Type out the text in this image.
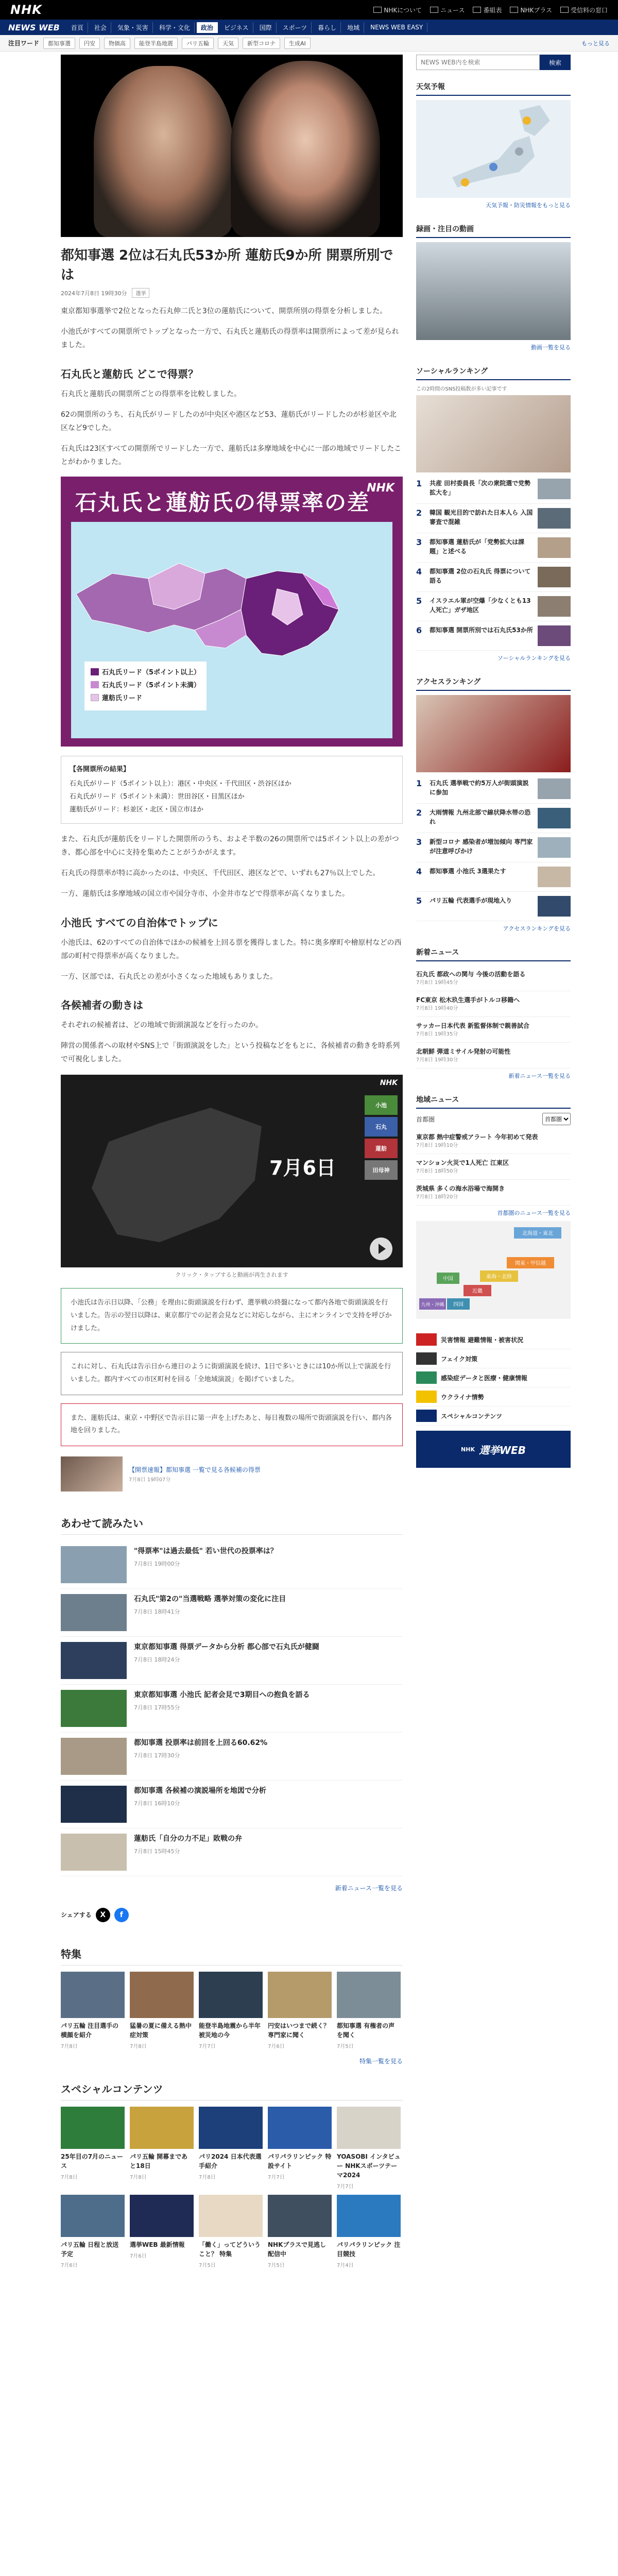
NHK	NHKについて	ニュース	番組表	NHKプラス	受信料の窓口
NEWS WEB	首頁	社会	気象・災害	科学・文化	政治	ビジネス	国際	スポーツ	暮らし	地域	NEWS WEB EASY
注目ワード	都知事選	円安	物価高	能登半島地震	パリ五輪	天気	新型コロナ	生成AI	もっと見る
都知事選 2位は石丸氏53か所 蓮舫氏9か所 開票所別では
2024年7月8日 19時30分	選挙

東京都知事選挙で2位となった石丸伸二氏と3位の蓮舫氏について、開票所別の得票を分析しました。

小池氏がすべての開票所でトップとなった一方で、石丸氏と蓮舫氏の得票率は開票所によって差が見られました。

石丸氏と蓮舫氏 どこで得票？

石丸氏と蓮舫氏の開票所ごとの得票率を比較しました。

62の開票所のうち、石丸氏がリードしたのが中央区や港区など53、蓮舫氏がリードしたのが杉並区や北区など9でした。

石丸氏は23区すべての開票所でリードした一方で、蓮舫氏は多摩地域を中心に一部の地域でリードしたことがわかりました。

石丸氏と蓮舫氏の得票率の差
NHK
石丸氏リード（5ポイント以上）
石丸氏リード（5ポイント未満）
蓮舫氏リード
【各開票所の結果】
石丸氏がリード（5ポイント以上）：港区・中央区・千代田区・渋谷区ほか
石丸氏がリード（5ポイント未満）：世田谷区・目黒区ほか
蓮舫氏がリード：杉並区・北区・国立市ほか

また、石丸氏が蓮舫氏をリードした開票所のうち、およそ半数の26の開票所では5ポイント以上の差がつき、都心部を中心に支持を集めたことがうかがえます。

石丸氏の得票率が特に高かったのは、中央区、千代田区、港区などで、いずれも27％以上でした。

一方、蓮舫氏は多摩地域の国立市や国分寺市、小金井市などで得票率が高くなりました。

小池氏 すべての自治体でトップに

小池氏は、62のすべての自治体でほかの候補を上回る票を獲得しました。特に奥多摩町や檜原村などの西部の町村で得票率が高くなりました。

一方、区部では、石丸氏との差が小さくなった地域もありました。

各候補者の動きは

それぞれの候補者は、どの地域で街頭演説などを行ったのか。

陣営の関係者への取材やSNS上で「街頭演説をした」という投稿などをもとに、各候補者の動きを時系列で可視化しました。

7月6日
NHK
小池
石丸
蓮舫
田母神
クリック・タップすると動画が再生されます
小池氏は告示日以降、「公務」を理由に街頭演説を行わず、選挙戦の終盤になって都内各地で街頭演説を行いました。告示の翌日以降は、東京都庁での記者会見などに対応しながら、主にオンラインで支持を呼びかけました。
これに対し、石丸氏は告示日から連日のように街頭演説を続け、1日で多いときには10か所以上で演説を行いました。都内すべての市区町村を回る「全地域演説」を掲げていました。
また、蓮舫氏は、東京・中野区で告示日に第一声を上げたあと、毎日複数の場所で街頭演説を行い、都内各地を回りました。
【開票速報】都知事選 一覧で見る各候補の得票
7月8日 19時07分
あわせて読みたい
"得票率"は過去最低" 若い世代の投票率は？
7月8日 19時00分
石丸氏"第2の"当選戦略 選挙対策の変化に注目
7月8日 18時41分
東京都知事選 得票データから分析 都心部で石丸氏が健闘
7月8日 18時24分
東京都知事選 小池氏 記者会見で3期目への抱負を語る
7月8日 17時55分
都知事選 投票率は前回を上回る60.62%
7月8日 17時30分
都知事選 各候補の演説場所を地図で分析
7月8日 16時10分
蓮舫氏「自分の力不足」敗戦の弁
7月8日 15時45分
新着ニュース一覧を見る
シェアする	X	f
特集
パリ五輪 注目選手の横顔を紹介
7月8日
猛暑の夏に備える熱中症対策
7月8日
能登半島地震から半年 被災地の今
7月7日
円安はいつまで続く？ 専門家に聞く
7月6日
都知事選 有権者の声を聞く
7月5日
特集一覧を見る
スペシャルコンテンツ
25年目の7月のニュース
7月8日
パリ五輪 開幕まであと18日
7月8日
パリ2024 日本代表選手紹介
7月8日
パリパラリンピック 特設サイト
7月7日
YOASOBI インタビュー NHKスポーツテーマ2024
7月7日
パリ五輪 日程と放送予定
7月6日
選挙WEB 最新情報
7月6日
「働く」ってどういうこと？ 特集
7月5日
NHKプラスで見逃し配信中
7月5日
パリパラリンピック 注目競技
7月4日
NEWS WEB内を検索
検索
天気予報
天気予報・防災情報をもっと見る
録画・注目の動画
動画一覧を見る
ソーシャルランキング
この2時間のSNS投稿数が多い記事です
1	共産 田村委員長「次の衆院選で党勢拡大を」
2	韓国 観光目的で訪れた日本人ら 入国審査で混雑
3	都知事選 蓮舫氏が「党勢拡大は課題」と述べる
4	都知事選 2位の石丸氏 得票について語る
5	イスラエル軍が空爆「少なくとも13人死亡」ガザ地区
6	都知事選 開票所別では石丸氏53か所
ソーシャルランキングを見る
アクセスランキング
1	石丸氏 選挙戦で約5万人が街頭演説に参加
2	大雨情報 九州北部で線状降水帯の恐れ
3	新型コロナ 感染者が増加傾向 専門家が注意呼びかけ
4	都知事選 小池氏 3選果たす
5	パリ五輪 代表選手が現地入り
アクセスランキングを見る
新着ニュース
石丸氏 都政への関与 今後の活動を語る
7月8日 19時45分
FC東京 松木玖生選手がトルコ移籍へ
7月8日 19時40分
サッカー日本代表 新監督体制で親善試合
7月8日 19時35分
北朝鮮 弾道ミサイル発射の可能性
7月8日 19時30分
新着ニュース一覧を見る
地域ニュース
首都圏
首都圏
東京都 熱中症警戒アラート 今年初めて発表
7月8日 19時10分
マンション火災で1人死亡 江東区
7月8日 18時50分
茨城県 多くの海水浴場で海開き
7月8日 18時20分
首都圏のニュース一覧を見る
北海道・東北
関東・甲信越
東海・北陸
近畿
中国
四国
九州・沖縄
災害情報 避難情報・被害状況
フェイク対策
感染症データと医療・健康情報
ウクライナ情勢
スペシャルコンテンツ
NHK 選挙WEB
